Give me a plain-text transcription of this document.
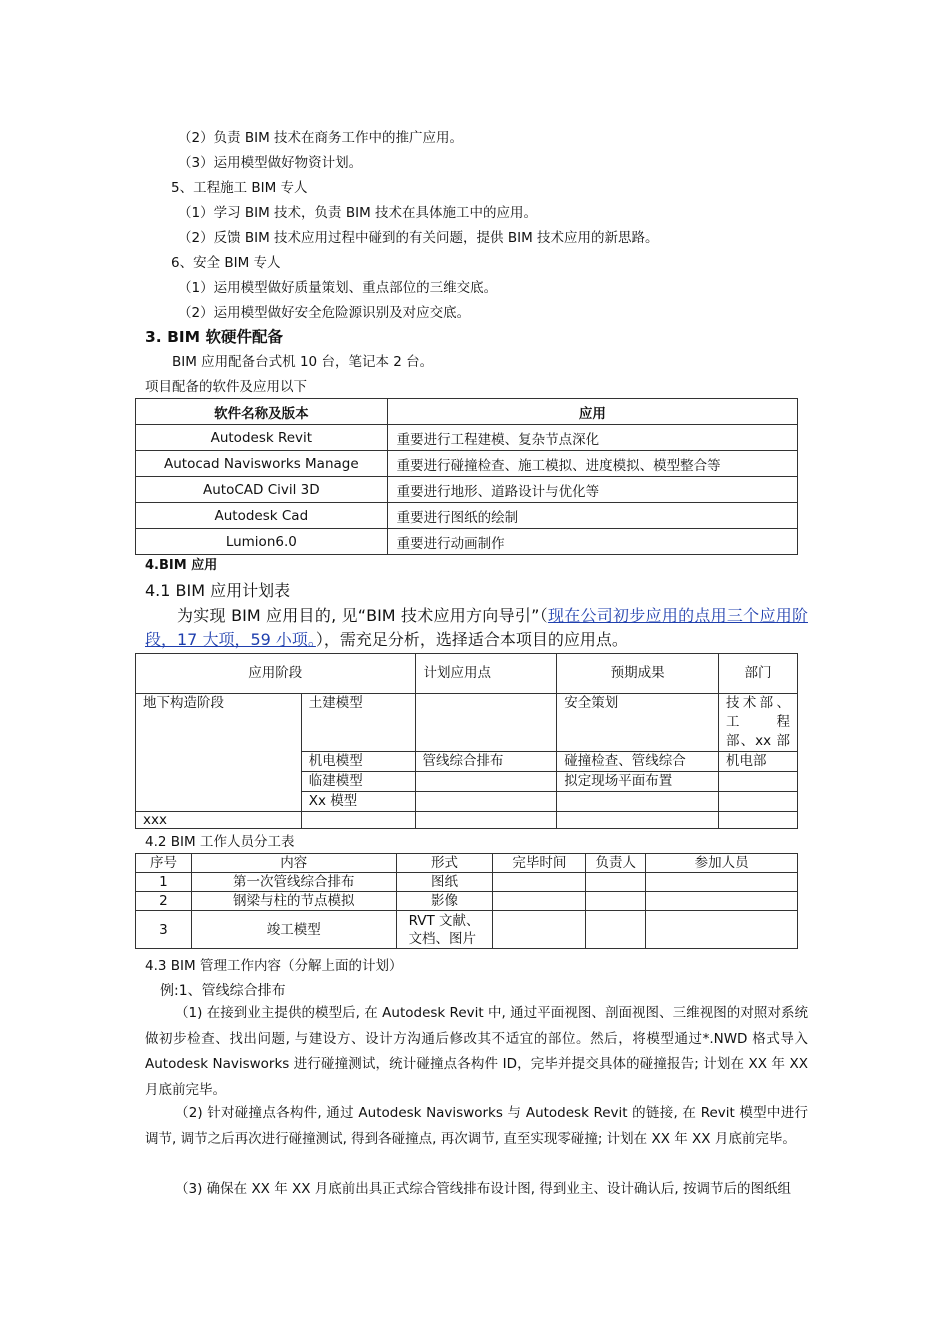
（2）负责 BIM 技术在商务工作中的推广应用。
（3）运用模型做好物资计划。
5、工程施工 BIM 专人
（1）学习 BIM 技术，负责 BIM 技术在具体施工中的应用。
（2）反馈 BIM 技术应用过程中碰到的有关问题，提供 BIM 技术应用的新思路。
6、安全 BIM 专人
（1）运用模型做好质量策划、重点部位的三维交底。
（2）运用模型做好安全危险源识别及对应交底。
3. BIM 软硬件配备
BIM 应用配备台式机 10 台，笔记本 2 台。
项目配备的软件及应用以下
软件名称及版本	应用
Autodesk Revit	重要进行工程建模、复杂节点深化
Autocad Navisworks Manage	重要进行碰撞检查、施工模拟、进度模拟、模型整合等
AutoCAD Civil 3D	重要进行地形、道路设计与优化等
Autodesk Cad	重要进行图纸的绘制
Lumion6.0	重要进行动画制作
4.BIM 应用
4.1 BIM 应用计划表
为实现 BIM 应用目的, 见“BIM 技术应用方向导引”（现在公司初步应用的点用三个应用阶段，17 大项，59 小项。），需充足分析，选择适合本项目的应用点。
应用阶段		计划应用点	预期成果	部门
地下构造阶段	土建模型		安全策划	技术部、
工　　程
部、xx 部

	机电模型	管线综合排布	碰撞检查、管线综合	机电部
	临建模型		拟定现场平面布置	
	Xx 模型			
xxx				
4.2 BIM 工作人员分工表
序号	内容	形式	完毕时间	负责人	参加人员
1	第一次管线综合排布	图纸			
2	钢梁与柱的节点模拟	影像			
3	竣工模型	RVT 文献、
文档、图片			

4.3 BIM 管理工作内容（分解上面的计划）
例:1、管线综合排布
（1) 在接到业主提供的模型后, 在 Autodesk Revit 中, 通过平面视图、剖面视图、三维视图的对照对系统做初步检查、找出问题, 与建设方、设计方沟通后修改其不适宜的部位。然后，将模型通过*.NWD 格式导入 Autodesk Navisworks 进行碰撞测试，统计碰撞点各构件 ID，完毕并提交具体的碰撞报告; 计划在 XX 年 XX 月底前完毕。
（2) 针对碰撞点各构件, 通过 Autodesk Navisworks 与 Autodesk Revit 的链接, 在 Revit 模型中进行调节, 调节之后再次进行碰撞测试, 得到各碰撞点, 再次调节, 直至实现零碰撞; 计划在 XX 年 XX 月底前完毕。
（3) 确保在 XX 年 XX 月底前出具正式综合管线排布设计图, 得到业主、设计确认后, 按调节后的图纸组
